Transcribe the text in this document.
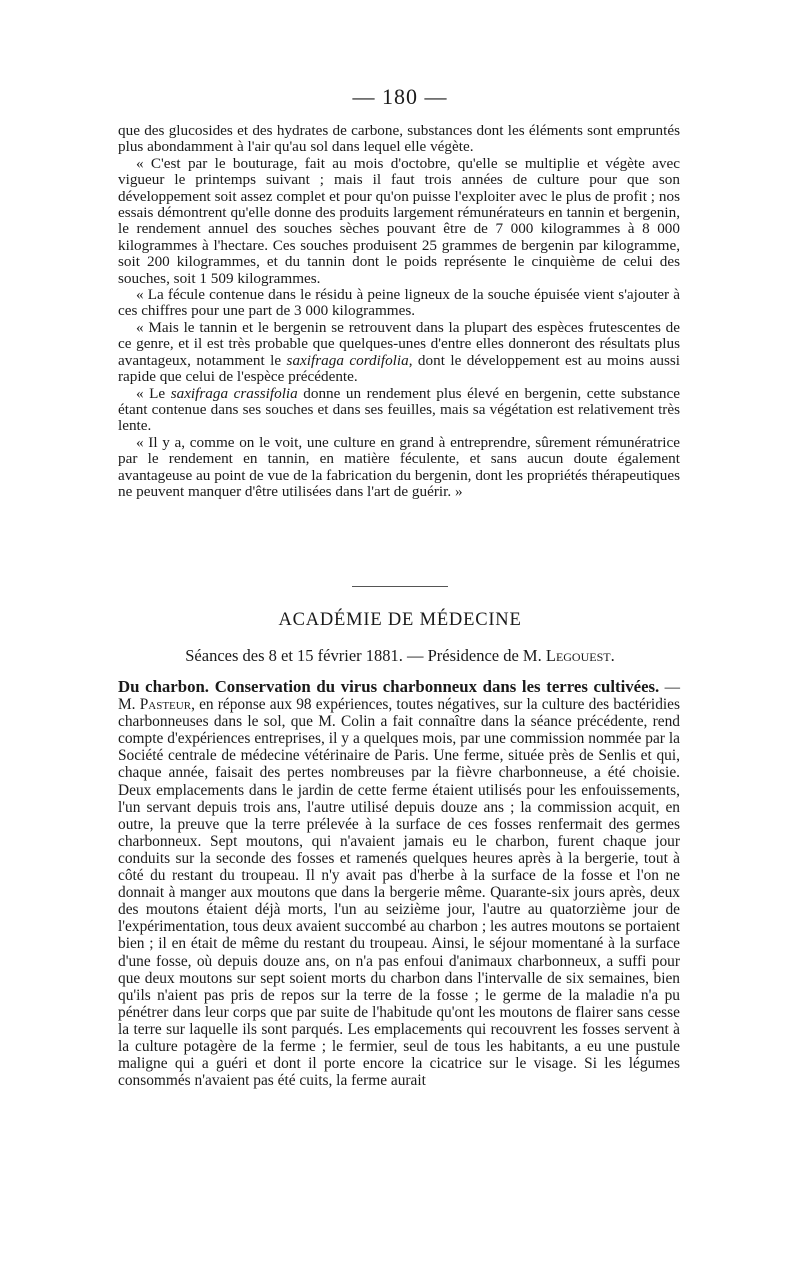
— 180 —

que des glucosides et des hydrates de carbone, substances dont les éléments sont empruntés plus abondamment à l'air qu'au sol dans lequel elle végète.

« C'est par le bouturage, fait au mois d'octobre, qu'elle se multiplie et végète avec vigueur le printemps suivant ; mais il faut trois années de culture pour que son développement soit assez complet et pour qu'on puisse l'exploiter avec le plus de profit ; nos essais démontrent qu'elle donne des produits largement rémunérateurs en tannin et bergenin, le rendement annuel des souches sèches pouvant être de 7 000 kilogrammes à 8 000 kilogrammes à l'hectare. Ces souches produisent 25 grammes de bergenin par kilogramme, soit 200 kilogrammes, et du tannin dont le poids représente le cinquième de celui des souches, soit 1 509 kilogrammes.

« La fécule contenue dans le résidu à peine ligneux de la souche épuisée vient s'ajouter à ces chiffres pour une part de 3 000 kilogrammes.

« Mais le tannin et le bergenin se retrouvent dans la plupart des espèces frutescentes de ce genre, et il est très probable que quelques-unes d'entre elles donneront des résultats plus avantageux, notamment le saxifraga cordifolia, dont le développement est au moins aussi rapide que celui de l'espèce précédente.

« Le saxifraga crassifolia donne un rendement plus élevé en bergenin, cette substance étant contenue dans ses souches et dans ses feuilles, mais sa végétation est relativement très lente.

« Il y a, comme on le voit, une culture en grand à entreprendre, sûrement rémunératrice par le rendement en tannin, en matière féculente, et sans aucun doute également avantageuse au point de vue de la fabrication du bergenin, dont les propriétés thérapeutiques ne peuvent manquer d'être utilisées dans l'art de guérir. »

ACADÉMIE DE MÉDECINE
Séances des 8 et 15 février 1881. — Présidence de M. Legouest.

Du charbon. Conservation du virus charbonneux dans les terres cultivées. — M. Pasteur, en réponse aux 98 expériences, toutes négatives, sur la culture des bactéridies charbonneuses dans le sol, que M. Colin a fait connaître dans la séance précédente, rend compte d'expériences entreprises, il y a quelques mois, par une commission nommée par la Société centrale de médecine vétérinaire de Paris. Une ferme, située près de Senlis et qui, chaque année, faisait des pertes nombreuses par la fièvre charbonneuse, a été choisie. Deux emplacements dans le jardin de cette ferme étaient utilisés pour les enfouissements, l'un servant depuis trois ans, l'autre utilisé depuis douze ans ; la commission acquit, en outre, la preuve que la terre prélevée à la surface de ces fosses renfermait des germes charbonneux. Sept moutons, qui n'avaient jamais eu le charbon, furent chaque jour conduits sur la seconde des fosses et ramenés quelques heures après à la bergerie, tout à côté du restant du troupeau. Il n'y avait pas d'herbe à la surface de la fosse et l'on ne donnait à manger aux moutons que dans la bergerie même. Quarante-six jours après, deux des moutons étaient déjà morts, l'un au seizième jour, l'autre au quatorzième jour de l'expérimentation, tous deux avaient succombé au charbon ; les autres moutons se portaient bien ; il en était de même du restant du troupeau. Ainsi, le séjour momentané à la surface d'une fosse, où depuis douze ans, on n'a pas enfoui d'animaux charbonneux, a suffi pour que deux moutons sur sept soient morts du charbon dans l'intervalle de six semaines, bien qu'ils n'aient pas pris de repos sur la terre de la fosse ; le germe de la maladie n'a pu pénétrer dans leur corps que par suite de l'habitude qu'ont les moutons de flairer sans cesse la terre sur laquelle ils sont parqués. Les emplacements qui recouvrent les fosses servent à la culture potagère de la ferme ; le fermier, seul de tous les habitants, a eu une pustule maligne qui a guéri et dont il porte encore la cicatrice sur le visage. Si les légumes consommés n'avaient pas été cuits, la ferme aurait
